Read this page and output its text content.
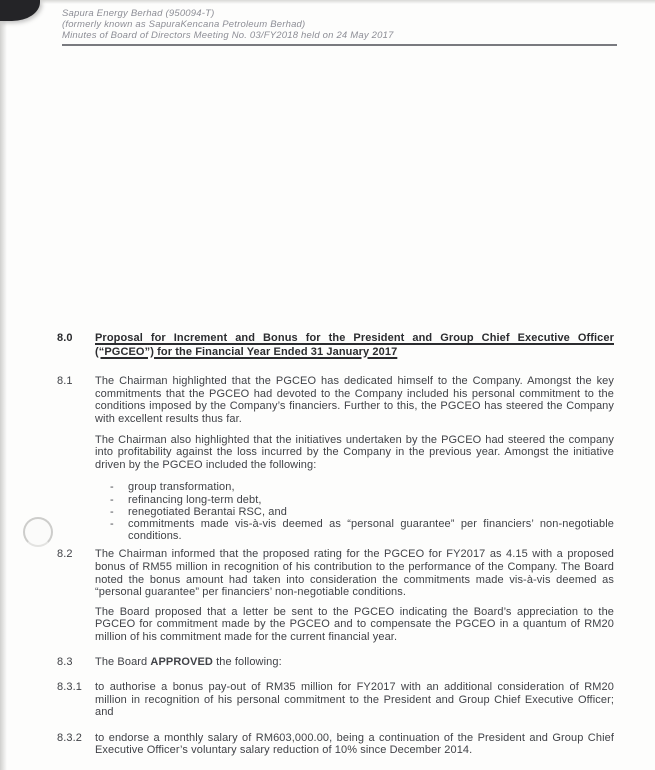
Sapura Energy Berhad (950094-T)
(formerly known as SapuraKencana Petroleum Berhad)
Minutes of Board of Directors Meeting No. 03/FY2018 held on 24 May 2017
8.0	Proposal for Increment and Bonus for the President and Group Chief Executive Officer (“PGCEO”) for the Financial Year Ended 31 January 2017
8.1	The Chairman highlighted that the PGCEO has dedicated himself to the Company. Amongst the key commitments that the PGCEO had devoted to the Company included his personal commitment to the conditions imposed by the Company’s financiers. Further to this, the PGCEO has steered the Company with excellent results thus far.
The Chairman also highlighted that the initiatives undertaken by the PGCEO had steered the company into profitability against the loss incurred by the Company in the previous year. Amongst the initiative driven by the PGCEO included the following:
-	group transformation,
-	refinancing long-term debt,
-	renegotiated Berantai RSC, and
-	commitments made vis-à-vis deemed as “personal guarantee” per financiers’ non-negotiable conditions.
8.2	The Chairman informed that the proposed rating for the PGCEO for FY2017 as 4.15 with a proposed bonus of RM55 million in recognition of his contribution to the performance of the Company. The Board noted the bonus amount had taken into consideration the commitments made vis-à-vis deemed as “personal guarantee” per financiers’ non-negotiable conditions.
The Board proposed that a letter be sent to the PGCEO indicating the Board’s appreciation to the PGCEO for commitment made by the PGCEO and to compensate the PGCEO in a quantum of RM20 million of his commitment made for the current financial year.
8.3	The Board APPROVED the following:
8.3.1	to authorise a bonus pay-out of RM35 million for FY2017 with an additional consideration of RM20 million in recognition of his personal commitment to the President and Group Chief Executive Officer; and
8.3.2	to endorse a monthly salary of RM603,000.00, being a continuation of the President and Group Chief Executive Officer’s voluntary salary reduction of 10% since December 2014.
